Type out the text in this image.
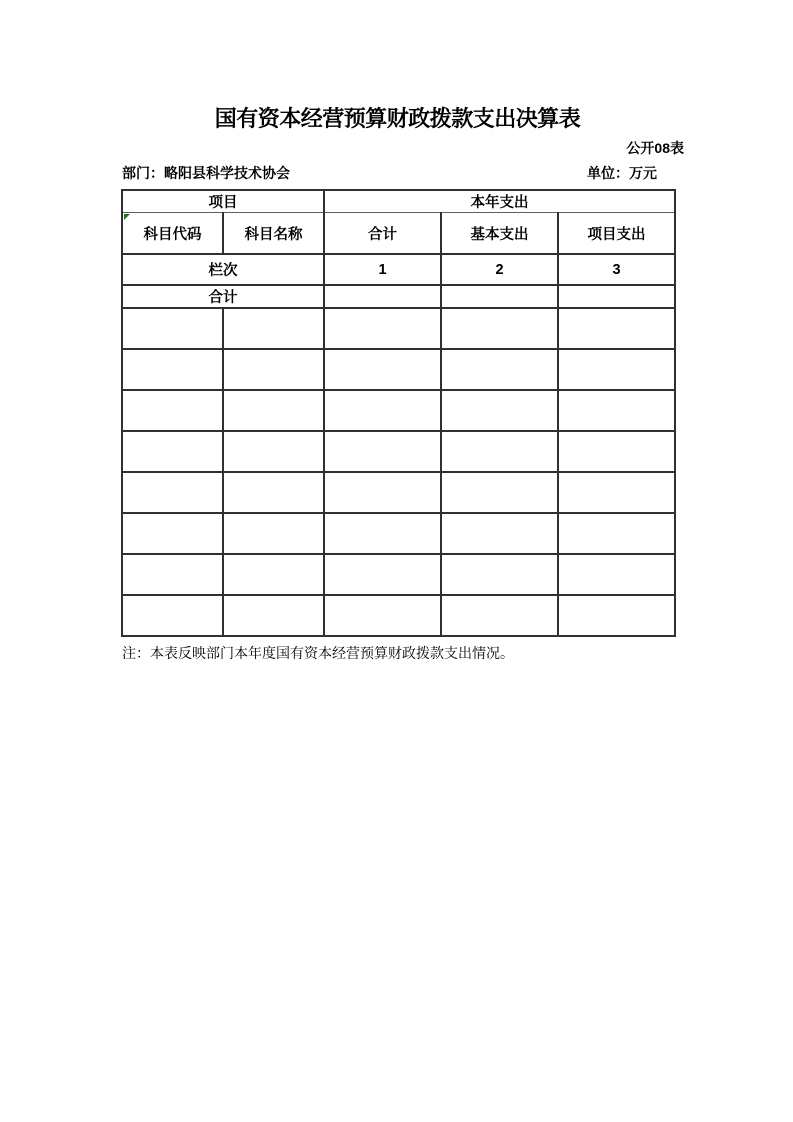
国有资本经营预算财政拨款支出决算表
公开08表
部门：略阳县科学技术协会	单位：万元
项目		本年支出		

科目代码	科目名称	合计	基本支出	项目支出
栏次		1	2	3
合计				

注：本表反映部门本年度国有资本经营预算财政拨款支出情况。
